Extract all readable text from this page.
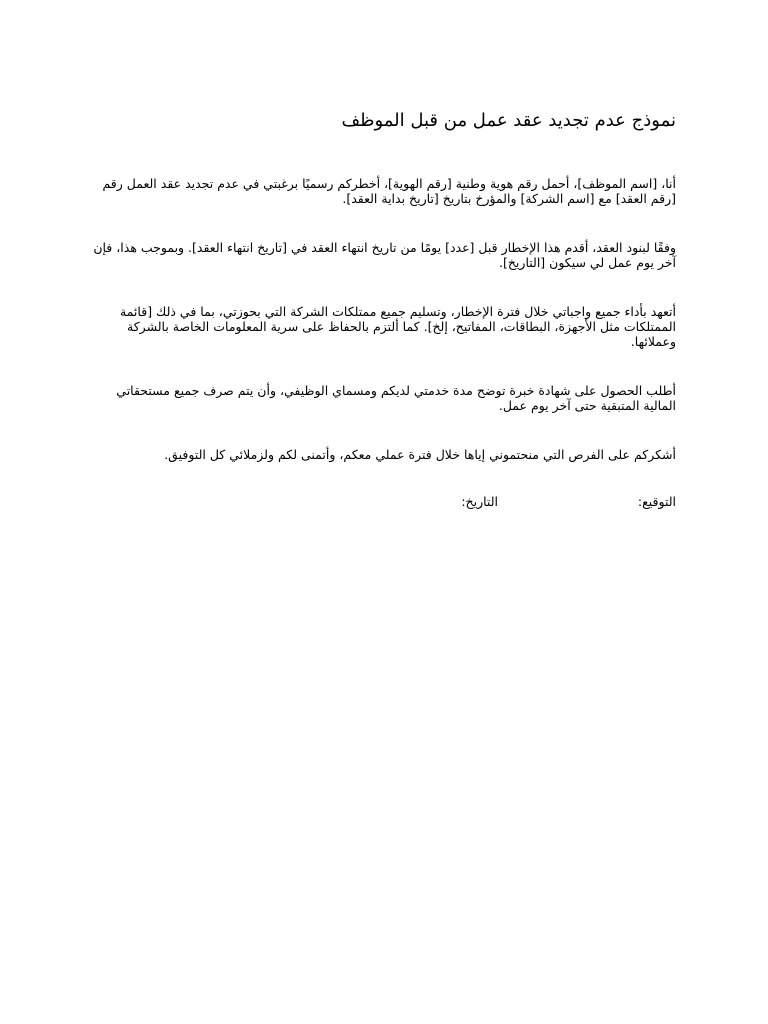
نموذج عدم تجديد عقد عمل من قبل الموظف

أنا، [اسم الموظف]، أحمل رقم هوية وطنية [رقم الهوية]، أخطركم رسميًا برغبتي في عدم تجديد عقد العمل رقم [رقم العقد] مع [اسم الشركة] والمؤرخ بتاريخ [تاريخ بداية العقد].

وفقًا لبنود العقد، أقدم هذا الإخطار قبل [عدد] يومًا من تاريخ انتهاء العقد في [تاريخ انتهاء العقد]. وبموجب هذا، فإن آخر يوم عمل لي سيكون [التاريخ].

أتعهد بأداء جميع واجباتي خلال فترة الإخطار، وتسليم جميع ممتلكات الشركة التي بحوزتي، بما في ذلك [قائمة الممتلكات مثل الأجهزة، البطاقات، المفاتيح، إلخ]. كما ألتزم بالحفاظ على سرية المعلومات الخاصة بالشركة وعملائها.

أطلب الحصول على شهادة خبرة توضح مدة خدمتي لديكم ومسماي الوظيفي، وأن يتم صرف جميع مستحقاتي المالية المتبقية حتى آخر يوم عمل.

أشكركم على الفرص التي منحتموني إياها خلال فترة عملي معكم، وأتمنى لكم ولزملائي كل التوفيق.

التوقيع:
التاريخ:
